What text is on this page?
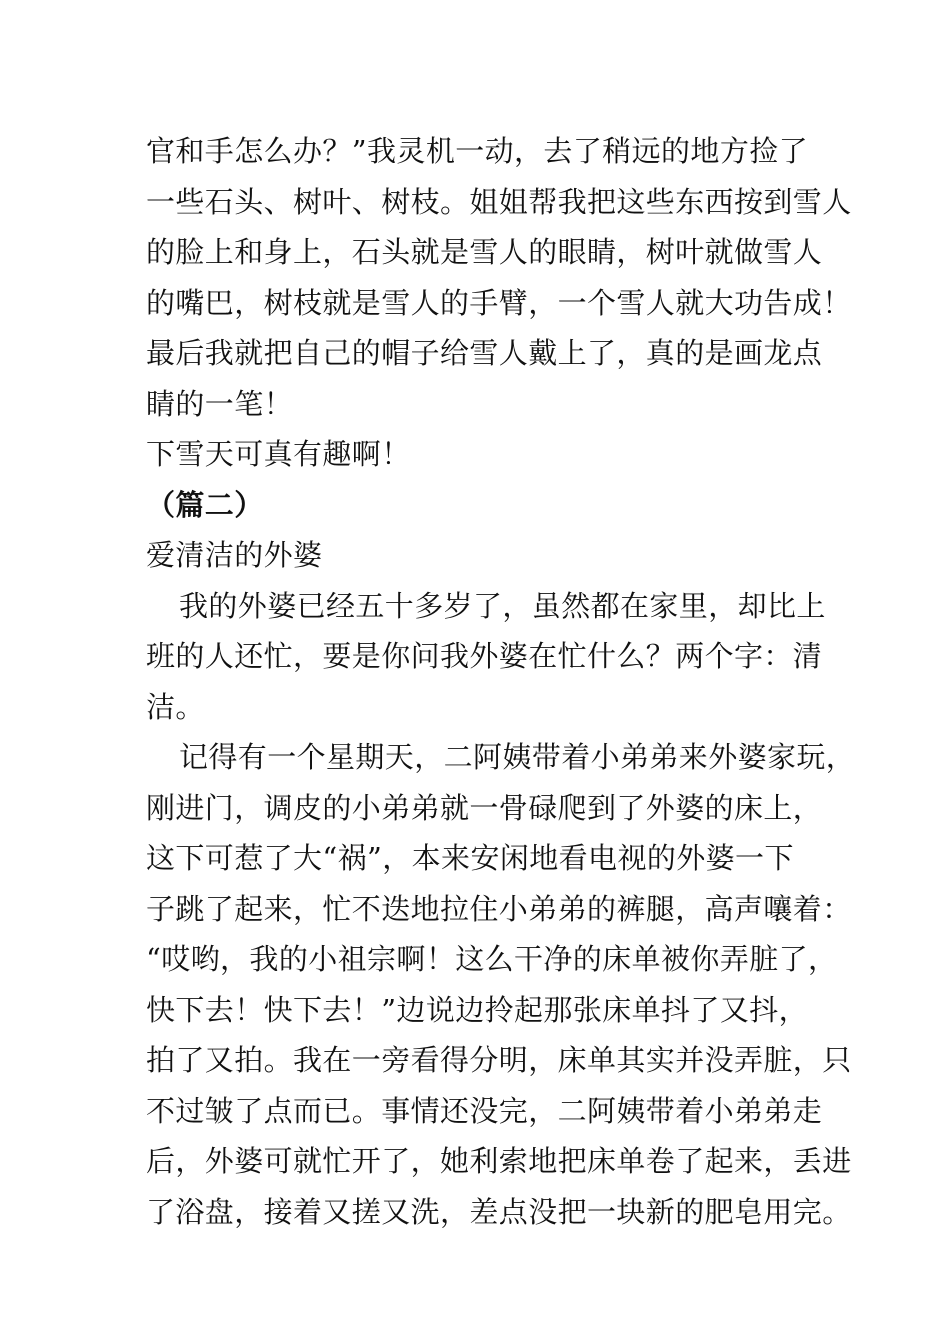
官和手怎么办？”我灵机一动，去了稍远的地方捡了
一些石头、树叶、树枝。姐姐帮我把这些东西按到雪人
的脸上和身上，石头就是雪人的眼睛，树叶就做雪人
的嘴巴，树枝就是雪人的手臂，一个雪人就大功告成！
最后我就把自己的帽子给雪人戴上了，真的是画龙点
睛的一笔！
下雪天可真有趣啊！
（篇二）
爱清洁的外婆
我的外婆已经五十多岁了，虽然都在家里，却比上
班的人还忙，要是你问我外婆在忙什么？两个字：清
洁。
记得有一个星期天，二阿姨带着小弟弟来外婆家玩，
刚进门，调皮的小弟弟就一骨碌爬到了外婆的床上，
这下可惹了大“祸”，本来安闲地看电视的外婆一下
子跳了起来，忙不迭地拉住小弟弟的裤腿，高声嚷着：
“哎哟，我的小祖宗啊！这么干净的床单被你弄脏了，
快下去！快下去！”边说边拎起那张床单抖了又抖，
拍了又拍。我在一旁看得分明，床单其实并没弄脏，只
不过皱了点而已。事情还没完，二阿姨带着小弟弟走
后，外婆可就忙开了，她利索地把床单卷了起来，丢进
了浴盘，接着又搓又洗，差点没把一块新的肥皂用完。
